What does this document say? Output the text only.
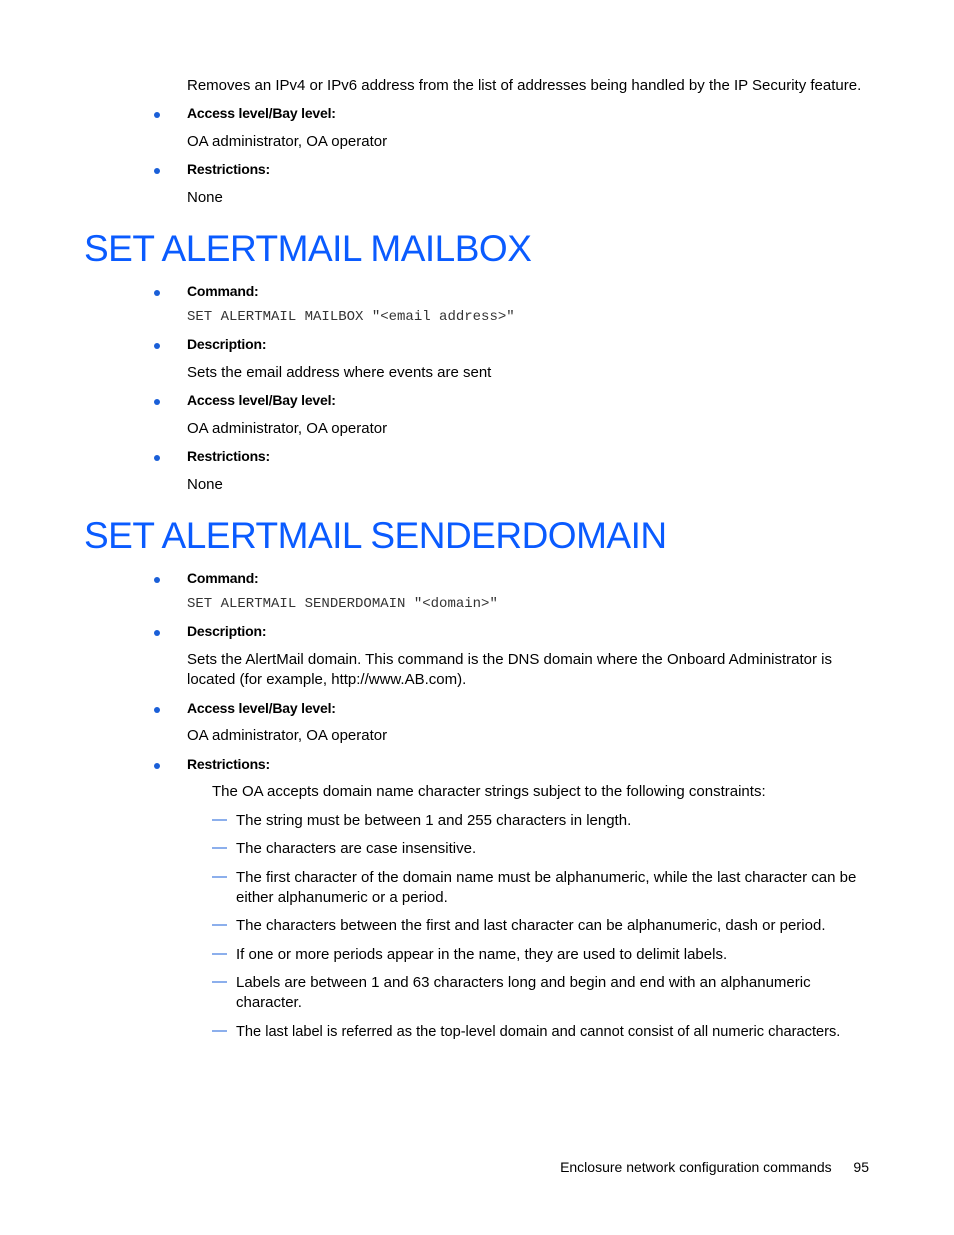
Removes an IPv4 or IPv6 address from the list of addresses being handled by the IP Security feature.
Access level/Bay level:
OA administrator, OA operator
Restrictions:
None
SET ALERTMAIL MAILBOX
Command:
SET ALERTMAIL MAILBOX "<email address>"
Description:
Sets the email address where events are sent
Access level/Bay level:
OA administrator, OA operator
Restrictions:
None
SET ALERTMAIL SENDERDOMAIN
Command:
SET ALERTMAIL SENDERDOMAIN "<domain>"
Description:
Sets the AlertMail domain. This command is the DNS domain where the Onboard Administrator is
located (for example, http://www.AB.com).
Access level/Bay level:
OA administrator, OA operator
Restrictions:
The OA accepts domain name character strings subject to the following constraints:
— The string must be between 1 and 255 characters in length.
— The characters are case insensitive.
— The first character of the domain name must be alphanumeric, while the last character can be either alphanumeric or a period.
— The characters between the first and last character can be alphanumeric, dash or period.
— If one or more periods appear in the name, they are used to delimit labels.
— Labels are between 1 and 63 characters long and begin and end with an alphanumeric character.
— The last label is referred as the top-level domain and cannot consist of all numeric characters.
Enclosure network configuration commands 95
